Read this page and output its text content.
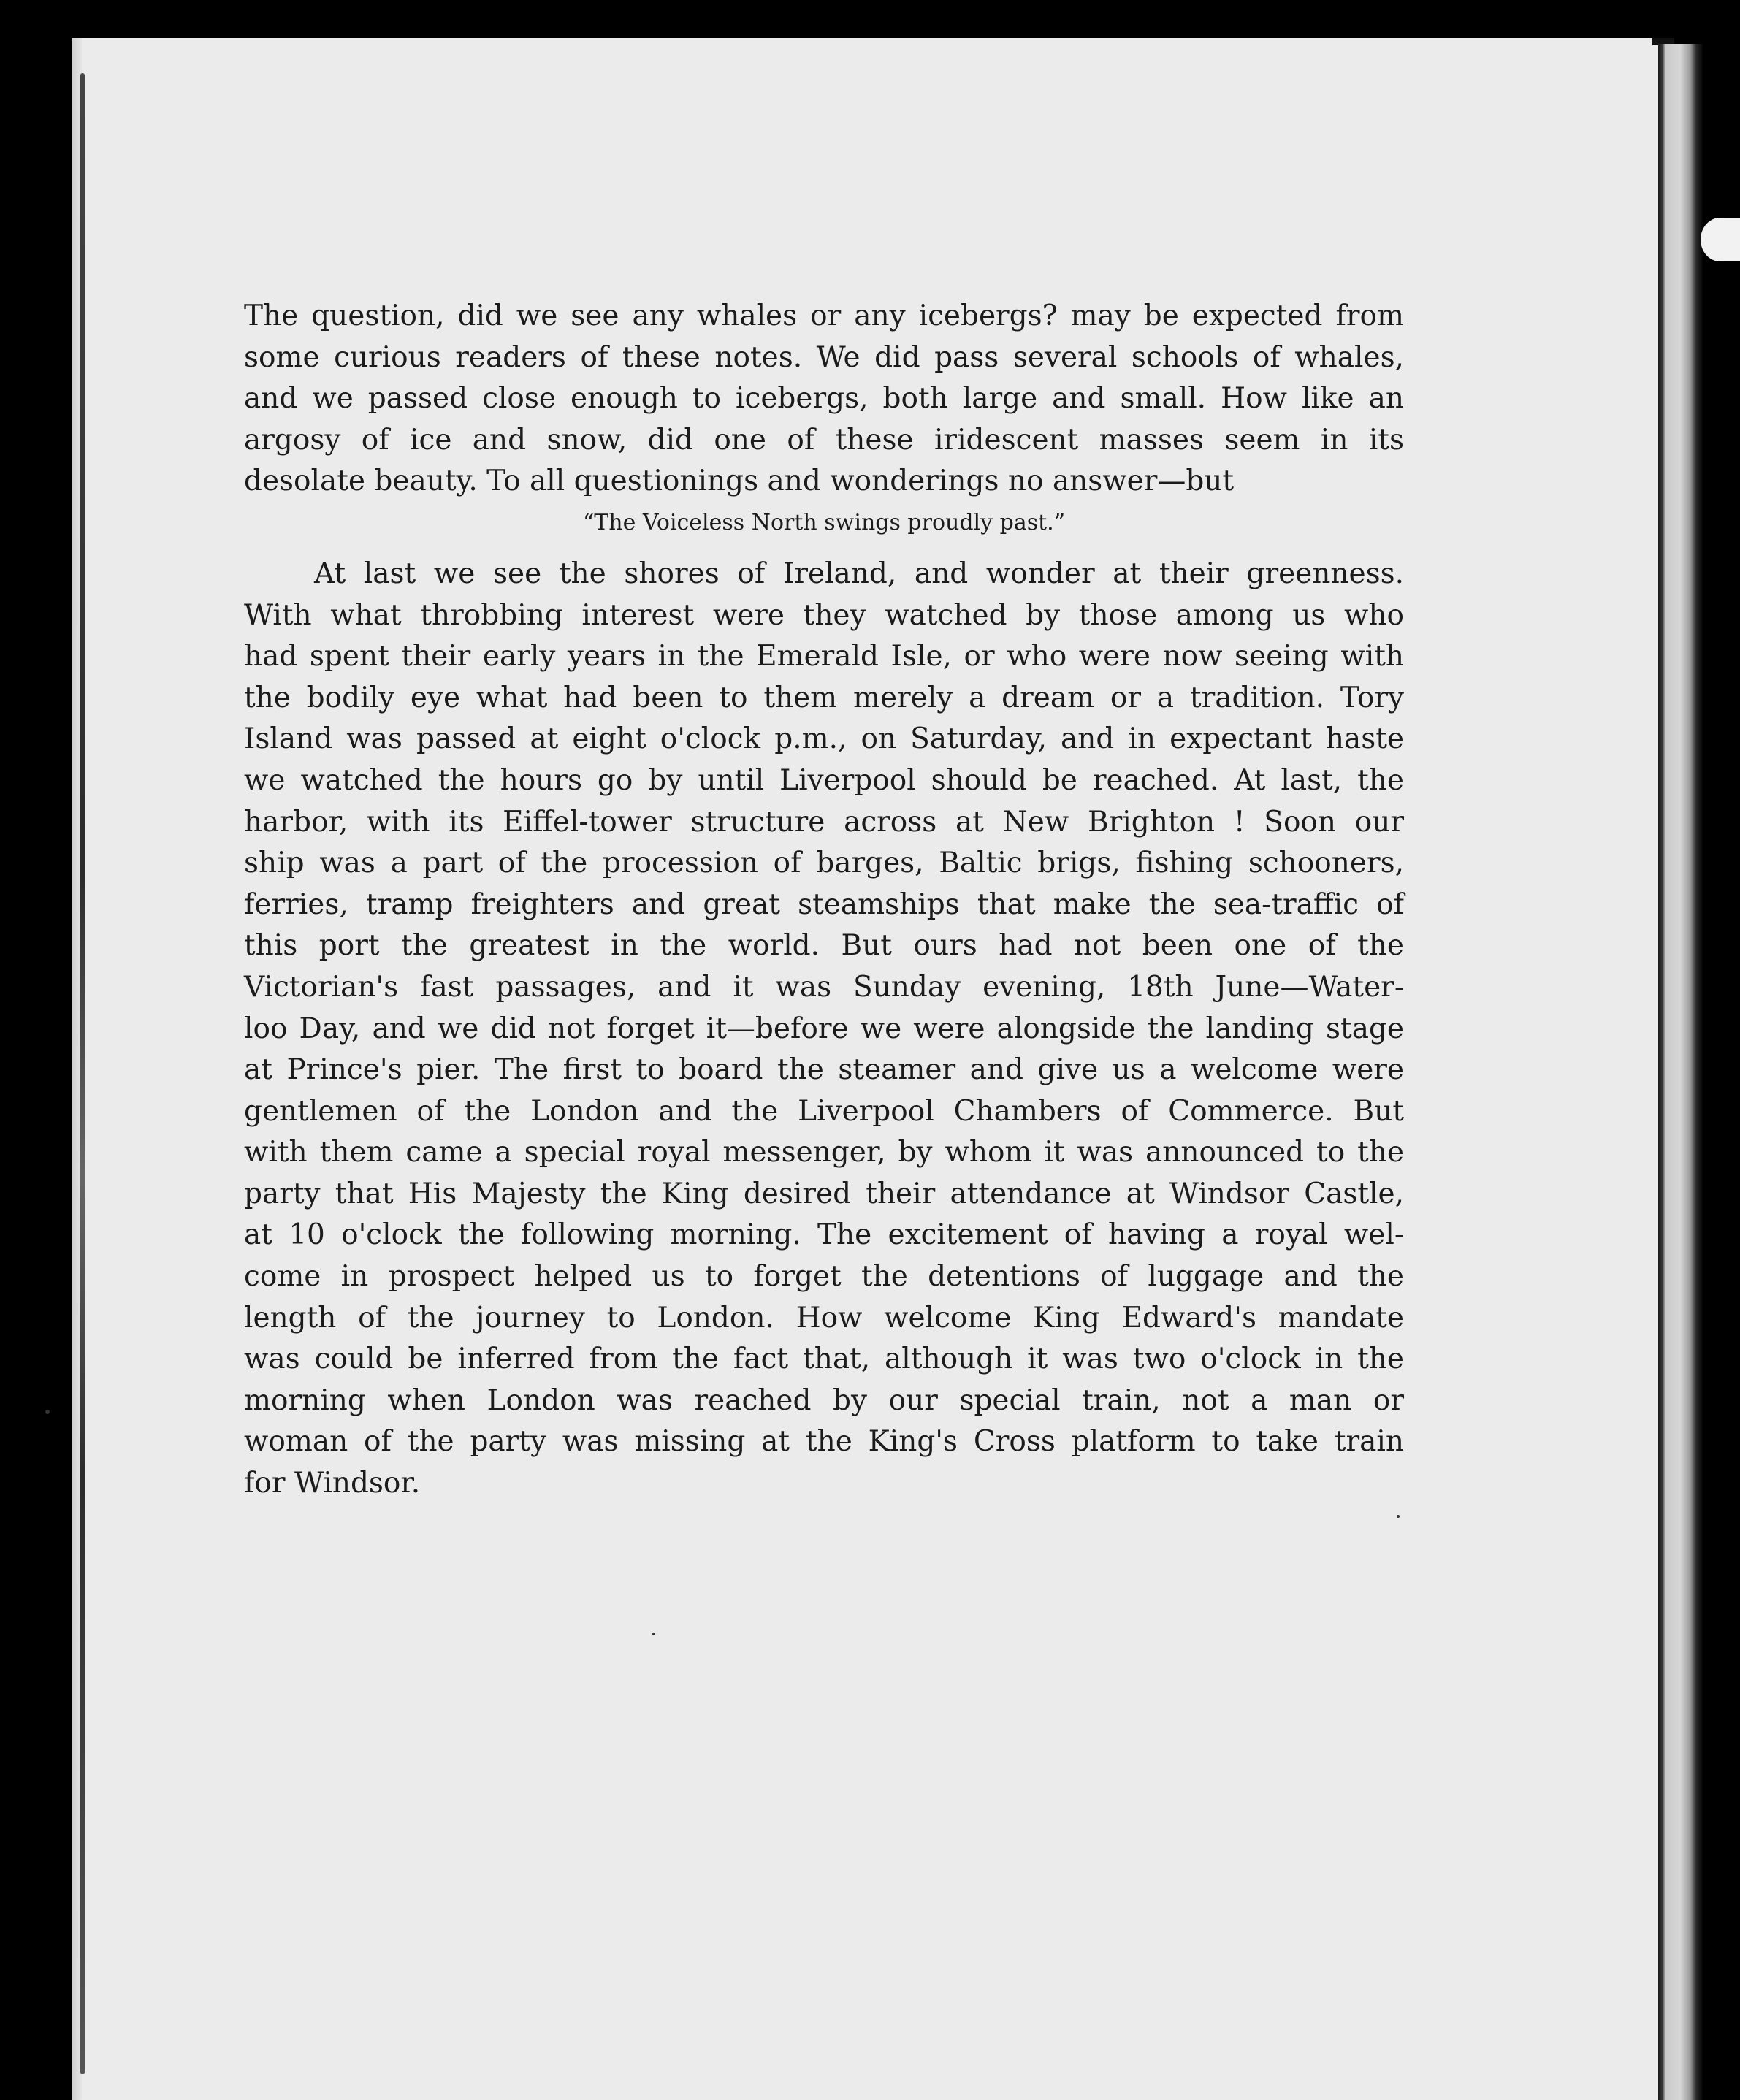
The question, did we see any whales or any icebergs? may be expected from
some curious readers of these notes. We did pass several schools of whales,
and we passed close enough to icebergs, both large and small. How like an
argosy of ice and snow, did one of these iridescent masses seem in its
desolate beauty. To all questionings and wonderings no answer—but

“The Voiceless North swings proudly past.”

At last we see the shores of Ireland, and wonder at their greenness.
With what throbbing interest were they watched by those among us who
had spent their early years in the Emerald Isle, or who were now seeing with
the bodily eye what had been to them merely a dream or a tradition. Tory
Island was passed at eight o'clock p.m., on Saturday, and in expectant haste
we watched the hours go by until Liverpool should be reached. At last, the
harbor, with its Eiffel-tower structure across at New Brighton ! Soon our
ship was a part of the procession of barges, Baltic brigs, fishing schooners,
ferries, tramp freighters and great steamships that make the sea-traffic of
this port the greatest in the world. But ours had not been one of the
Victorian's fast passages, and it was Sunday evening, 18th June—Water-
loo Day, and we did not forget it—before we were alongside the landing stage
at Prince's pier. The first to board the steamer and give us a welcome were
gentlemen of the London and the Liverpool Chambers of Commerce. But
with them came a special royal messenger, by whom it was announced to the
party that His Majesty the King desired their attendance at Windsor Castle,
at 10 o'clock the following morning. The excitement of having a royal wel-
come in prospect helped us to forget the detentions of luggage and the
length of the journey to London. How welcome King Edward's mandate
was could be inferred from the fact that, although it was two o'clock in the
morning when London was reached by our special train, not a man or
woman of the party was missing at the King's Cross platform to take train
for Windsor.
